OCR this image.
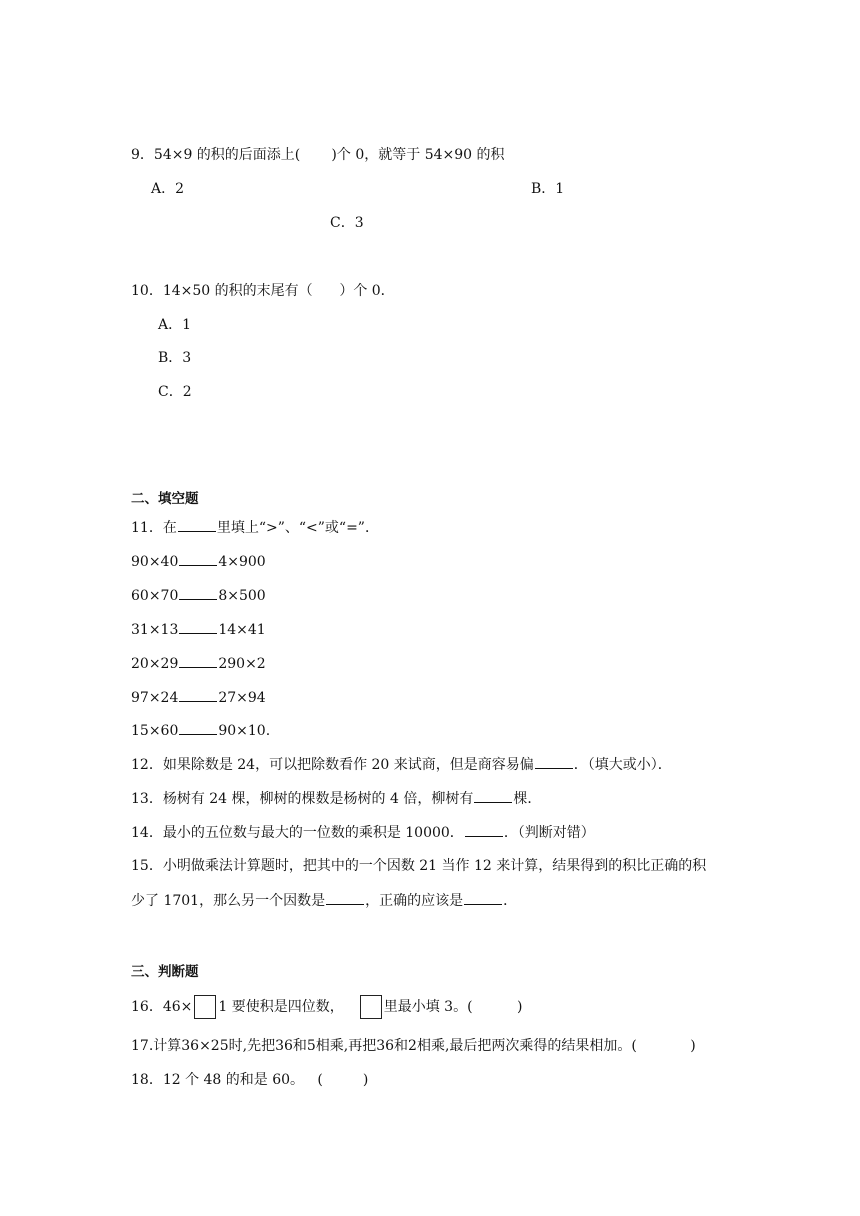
9．54×9 的积的后面添上(       )个 0，就等于 54×90 的积
A．2	B．1
C．3
10．14×50 的积的末尾有（      ）个 0．
A．1
B．3
C．2
二、填空题
11．在	里填上“>”、“<”或“=”．
90×40	4×900
60×70	8×500
31×13	14×41
20×29	290×2
97×24	27×94
15×60	90×10.
12．如果除数是 24，可以把除数看作 20 来试商，但是商容易偏	．（填大或小）．
13．杨树有 24 棵，柳树的棵数是杨树的 4 倍，柳树有	棵．
14．最小的五位数与最大的一位数的乘积是 10000．	．（判断对错）
15．小明做乘法计算题时，把其中的一个因数 21 当作 12 来计算，结果得到的积比正确的积
少了 1701，那么另一个因数是	，正确的应该是	．
三、判断题
16．46× 1 要使积是四位数，	里最小填 3。(          )
17.计算36×25时,先把36和5相乘,再把36和2相乘,最后把两次乘得的结果相加。(            )
18．12 个 48 的和是 60。   (         )
